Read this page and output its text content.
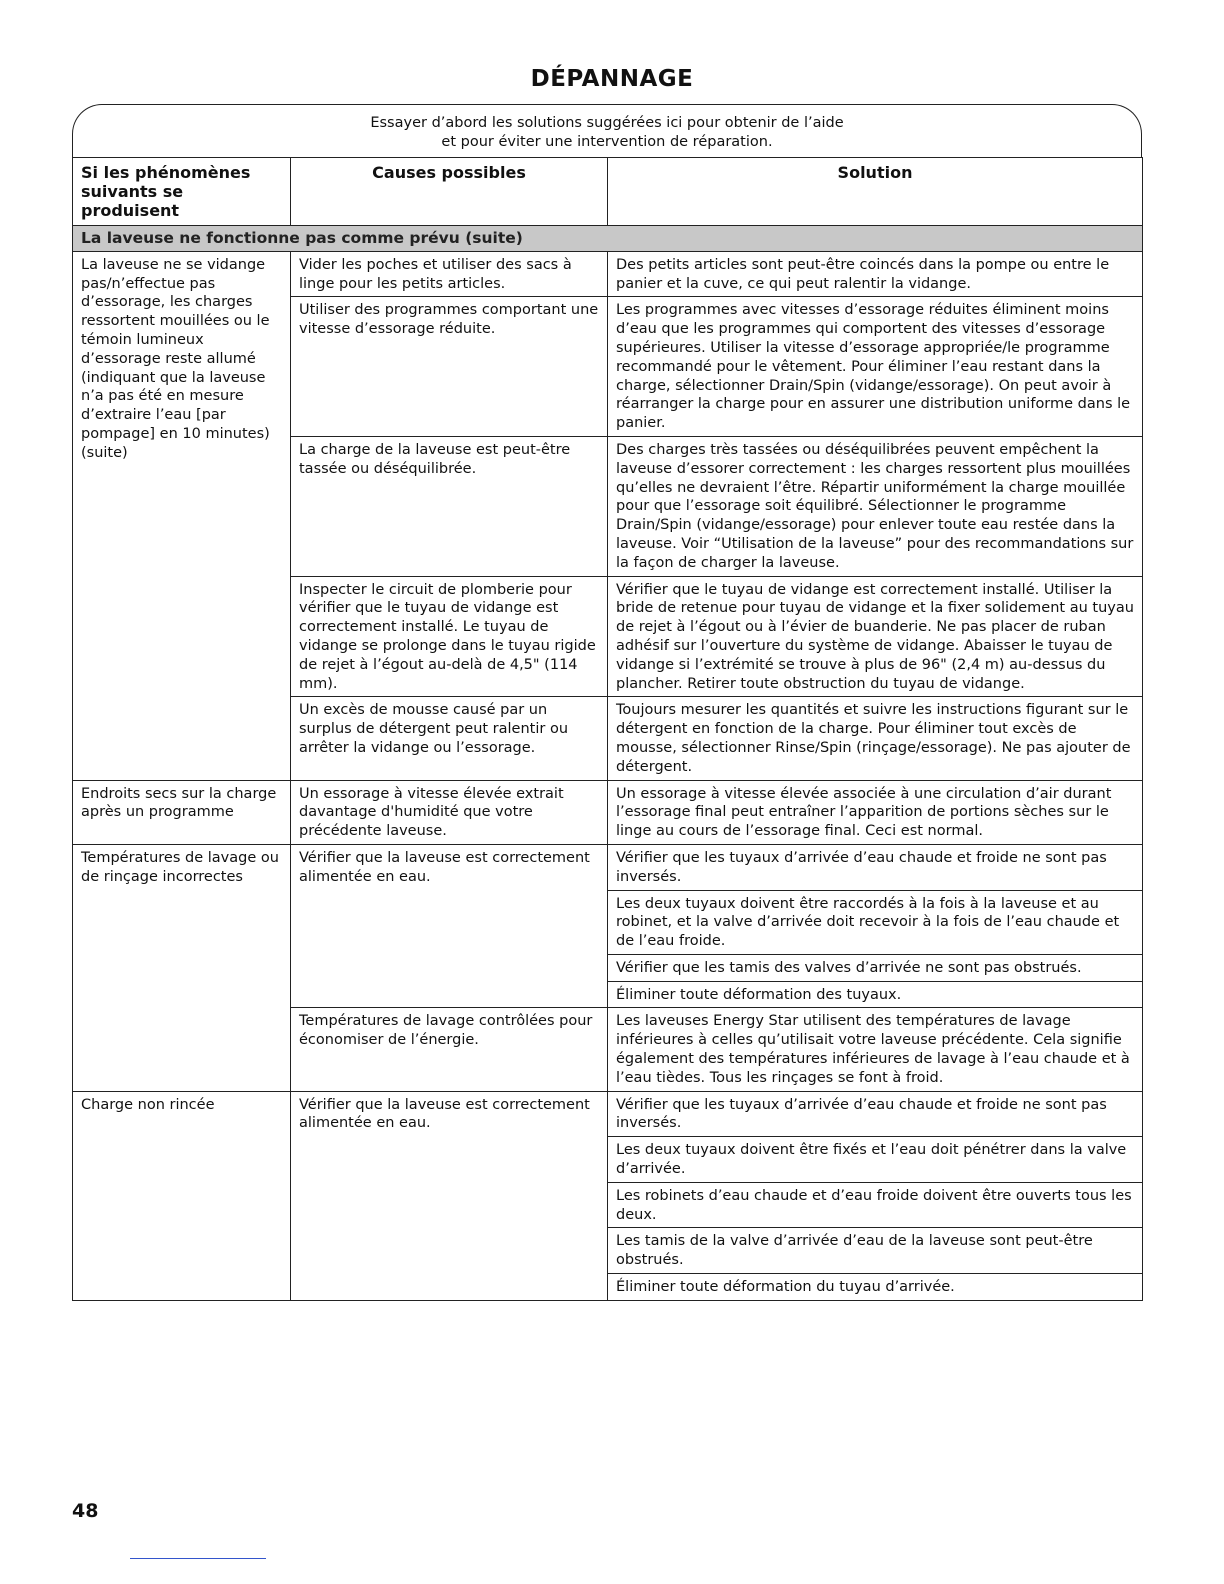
DÉPANNAGE
Essayer d’abord les solutions suggérées ici pour obtenir de l’aide
et pour éviter une intervention de réparation.
Si les phénomènes suivants se produisent	Causes possibles	Solution
La laveuse ne fonctionne pas comme prévu (suite)		
La laveuse ne se vidange pas/n’effectue pas d’essorage, les charges ressortent mouillées ou le témoin lumineux d’essorage reste allumé (indiquant que la laveuse n’a pas été en mesure d’extraire l’eau [par pompage] en 10 minutes) (suite)	Vider les poches et utiliser des sacs à linge pour les petits articles.	Des petits articles sont peut-être coincés dans la pompe ou entre le panier et la cuve, ce qui peut ralentir la vidange.
	Utiliser des programmes comportant une vitesse d’essorage réduite.	Les programmes avec vitesses d’essorage réduites éliminent moins d’eau que les programmes qui comportent des vitesses d’essorage supérieures. Utiliser la vitesse d’essorage appropriée/le programme recommandé pour le vêtement. Pour éliminer l’eau restant dans la charge, sélectionner Drain/Spin (vidange/essorage). On peut avoir à réarranger la charge pour en assurer une distribution uniforme dans le panier.
	La charge de la laveuse est peut-être tassée ou déséquilibrée.	Des charges très tassées ou déséquilibrées peuvent empêchent la laveuse d’essorer correctement : les charges ressortent plus mouillées qu’elles ne devraient l’être. Répartir uniformément la charge mouillée pour que l’essorage soit équilibré. Sélectionner le programme Drain/Spin (vidange/essorage) pour enlever toute eau restée dans la laveuse. Voir “Utilisation de la laveuse” pour des recommandations sur la façon de charger la laveuse.
	Inspecter le circuit de plomberie pour vérifier que le tuyau de vidange est correctement installé. Le tuyau de vidange se prolonge dans le tuyau rigide de rejet à l’égout au-delà de 4,5" (114 mm).	Vérifier que le tuyau de vidange est correctement installé. Utiliser la bride de retenue pour tuyau de vidange et la fixer solidement au tuyau de rejet à l’égout ou à l’évier de buanderie. Ne pas placer de ruban adhésif sur l’ouverture du système de vidange. Abaisser le tuyau de vidange si l’extrémité se trouve à plus de 96" (2,4 m) au-dessus du plancher. Retirer toute obstruction du tuyau de vidange.
	Un excès de mousse causé par un surplus de détergent peut ralentir ou arrêter la vidange ou l’essorage.	Toujours mesurer les quantités et suivre les instructions figurant sur le détergent en fonction de la charge. Pour éliminer tout excès de mousse, sélectionner Rinse/Spin (rinçage/essorage). Ne pas ajouter de détergent.
Endroits secs sur la charge après un programme	Un essorage à vitesse élevée extrait davantage d'humidité que votre précédente laveuse.	Un essorage à vitesse élevée associée à une circulation d’air durant l’essorage final peut entraîner l’apparition de portions sèches sur le linge au cours de l’essorage final. Ceci est normal.
Températures de lavage ou de rinçage incorrectes	Vérifier que la laveuse est correctement alimentée en eau.	Vérifier que les tuyaux d’arrivée d’eau chaude et froide ne sont pas inversés.
		Les deux tuyaux doivent être raccordés à la fois à la laveuse et au robinet, et la valve d’arrivée doit recevoir à la fois de l’eau chaude et de l’eau froide.
		Vérifier que les tamis des valves d’arrivée ne sont pas obstrués.
		Éliminer toute déformation des tuyaux.
	Températures de lavage contrôlées pour économiser de l’énergie.	Les laveuses Energy Star utilisent des températures de lavage inférieures à celles qu’utilisait votre laveuse précédente. Cela signifie également des températures inférieures de lavage à l’eau chaude et à l’eau tièdes. Tous les rinçages se font à froid.
Charge non rincée	Vérifier que la laveuse est correctement alimentée en eau.	Vérifier que les tuyaux d’arrivée d’eau chaude et froide ne sont pas inversés.
		Les deux tuyaux doivent être fixés et l’eau doit pénétrer dans la valve d’arrivée.
		Les robinets d’eau chaude et d’eau froide doivent être ouverts tous les deux.
		Les tamis de la valve d’arrivée d’eau de la laveuse sont peut-être obstrués.
		Éliminer toute déformation du tuyau d’arrivée.
48
